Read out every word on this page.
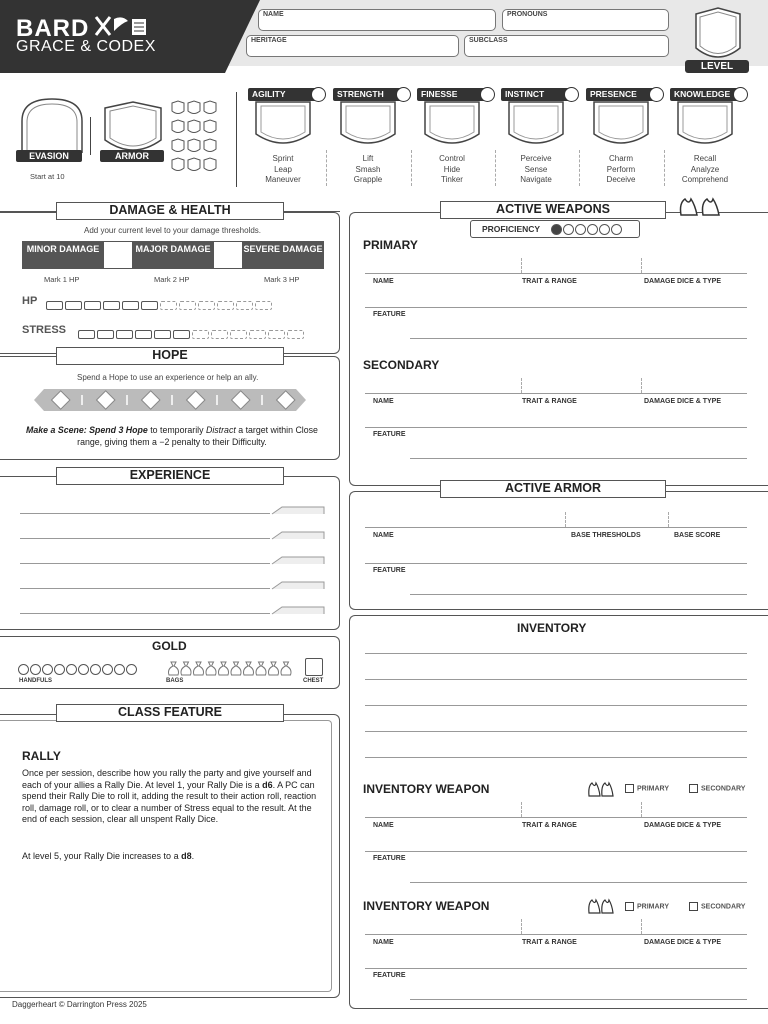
BARD
GRACE & CODEX
NAME	PRONOUNS
HERITAGE	SUBCLASS
LEVEL
EVASION
Start at 10
ARMOR
AGILITY
Sprint
Leap
Maneuver
STRENGTH
Lift
Smash
Grapple
FINESSE
Control
Hide
Tinker
INSTINCT
Perceive
Sense
Navigate
PRESENCE
Charm
Perform
Deceive
KNOWLEDGE
Recall
Analyze
Comprehend
DAMAGE & HEALTH
Add your current level to your damage thresholds.
MINOR DAMAGE	MAJOR DAMAGE	SEVERE DAMAGE
Mark 1 HP	Mark 2 HP	Mark 3 HP
HP
STRESS
HOPE
Spend a Hope to use an experience or help an ally.
Make a Scene: Spend 3 Hope to temporarily Distract a target within Close range, giving them a −2 penalty to their Difficulty.
EXPERIENCE
GOLD
HANDFULS	BAGS	CHEST
CLASS FEATURE
RALLY
Once per session, describe how you rally the party and give yourself and each of your allies a Rally Die. At level 1, your Rally Die is a d6. A PC can spend their Rally Die to roll it, adding the result to their action roll, reaction roll, damage roll, or to clear a number of Stress equal to the result. At the end of each session, clear all unspent Rally Dice.
At level 5, your Rally Die increases to a d8.
Daggerheart © Darrington Press 2025
ACTIVE WEAPONS
PROFICIENCY
PRIMARY
NAME	TRAIT & RANGE	DAMAGE DICE & TYPE
FEATURE
SECONDARY
NAME	TRAIT & RANGE	DAMAGE DICE & TYPE
FEATURE
ACTIVE ARMOR
NAME	BASE THRESHOLDS	BASE SCORE
FEATURE
INVENTORY
INVENTORY WEAPON	PRIMARY	SECONDARY
NAME	TRAIT & RANGE	DAMAGE DICE & TYPE
FEATURE
INVENTORY WEAPON	PRIMARY	SECONDARY
NAME	TRAIT & RANGE	DAMAGE DICE & TYPE
FEATURE
